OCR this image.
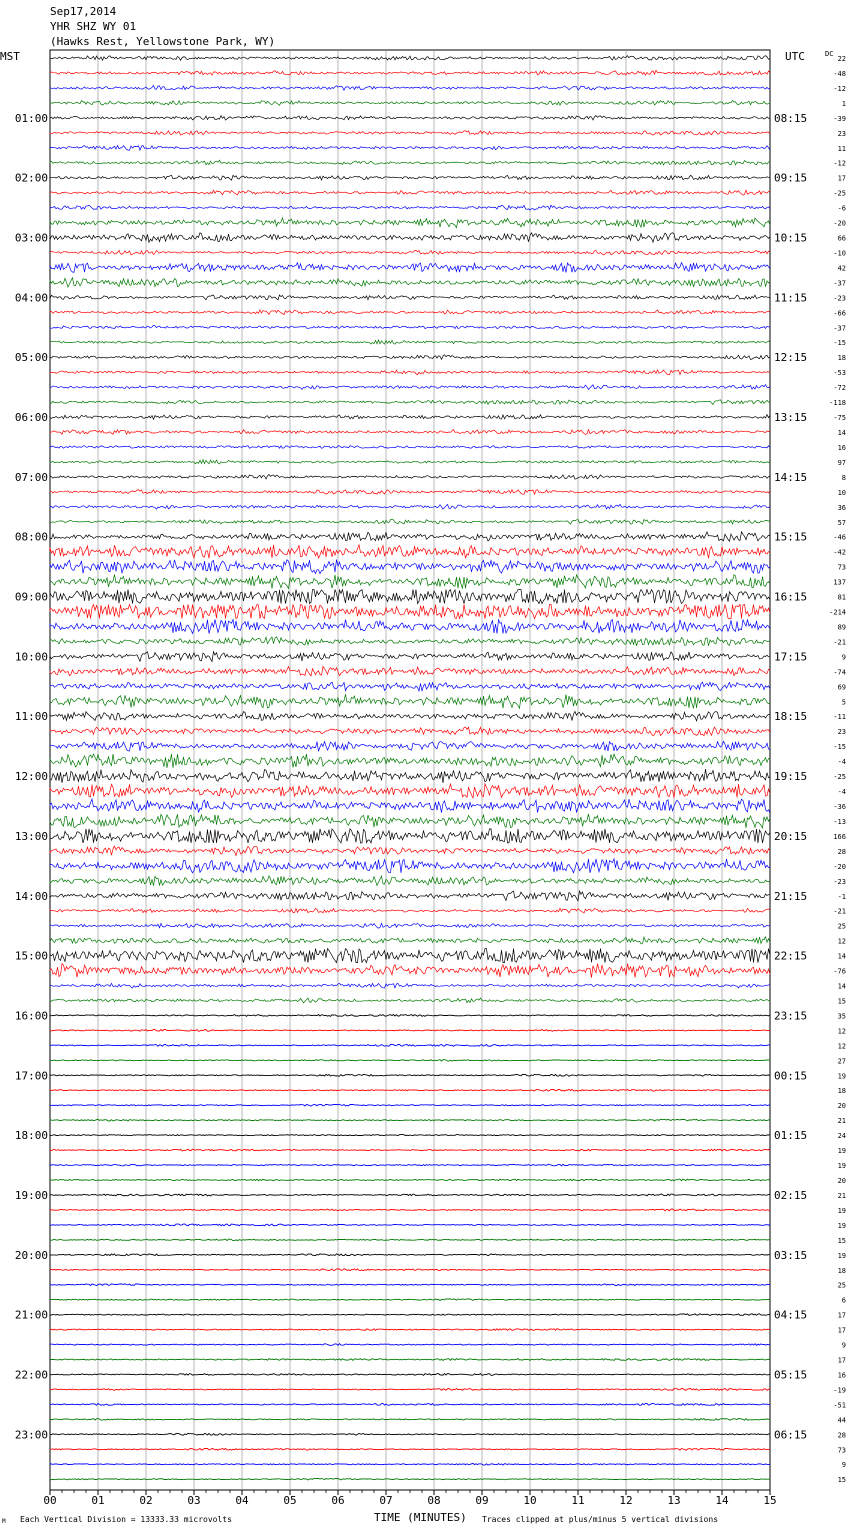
Sep17,2014
YHR SHZ WY 01
(Hawks Rest, Yellowstone Park, WY)
MST	UTC	DC
00	01	02	03	04	05	06	07	08	09	10	11	12	13	14	15
22
-48
-12
1
-39
23
11
-12
17
-25
-6
-20
66
-10
42
-37
-23
-66
-37
-15
18
-53
-72
-118
-75
14
16
97
8
10
36
57
-46
-42
73
137
81
-214
89
-21
9
-74
69
5
-11
23
-15
-4
-25
-4
-36
-13
166
28
-20
-23
-1
-21
25
12
14
-76
14
15
35
12
12
27
19
18
20
21
24
19
19
20
21
19
19
15
19
18
25
6
17
17
9
17
16
-19
-51
44
28
73
9
15
01:00	08:15
02:00	09:15
03:00	10:15
04:00	11:15
05:00	12:15
06:00	13:15
07:00	14:15
08:00	15:15
09:00	16:15
10:00	17:15
11:00	18:15
12:00	19:15
13:00	20:15
14:00	21:15
15:00	22:15
16:00	23:15
17:00	00:15
18:00	01:15
19:00	02:15
20:00	03:15
21:00	04:15
22:00	05:15
23:00	06:15
M Each Vertical Division = 13333.33 microvolts	TIME (MINUTES) Traces clipped at plus/minus 5 vertical divisions
